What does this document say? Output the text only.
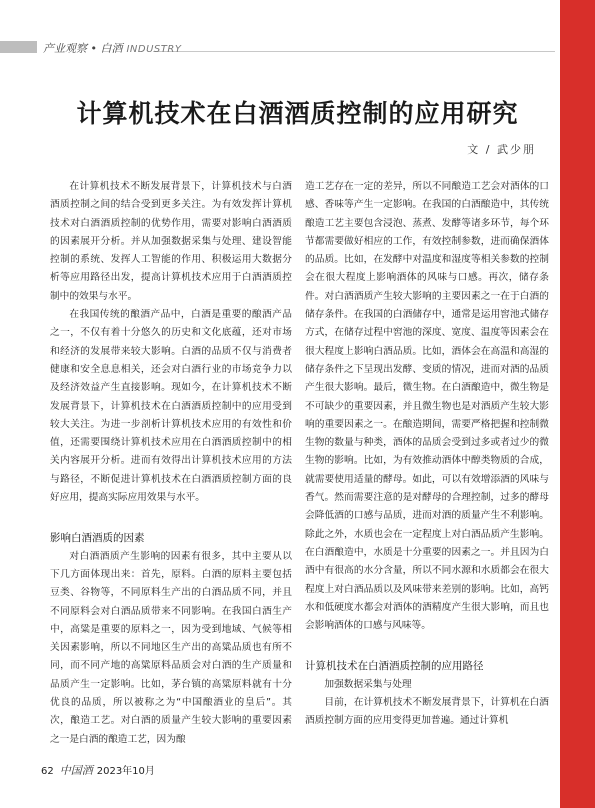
产业观察 • 白酒 INDUSTRY
计算机技术在白酒酒质控制的应用研究
文 / 武少朋

在计算机技术不断发展背景下，计算机技术与白酒酒质控制之间的结合受到更多关注。为有效发挥计算机技术对白酒酒质控制的优势作用，需要对影响白酒酒质的因素展开分析。并从加强数据采集与处理、建设智能控制的系统、发挥人工智能的作用、积极运用大数据分析等应用路径出发，提高计算机技术应用于白酒酒质控制中的效果与水平。

在我国传统的酿酒产品中，白酒是重要的酿酒产品之一，不仅有着十分悠久的历史和文化底蕴，还对市场和经济的发展带来较大影响。白酒的品质不仅与消费者健康和安全息息相关，还会对白酒行业的市场竞争力以及经济效益产生直接影响。现如今，在计算机技术不断发展背景下，计算机技术在白酒酒质控制中的应用受到较大关注。为进一步剖析计算机技术应用的有效性和价值，还需要围绕计算机技术应用在白酒酒质控制中的相关内容展开分析。进而有效得出计算机技术应用的方法与路径，不断促进计算机技术在白酒酒质控制方面的良好应用，提高实际应用效果与水平。

影响白酒酒质的因素

对白酒酒质产生影响的因素有很多，其中主要从以下几方面体现出来：首先，原料。白酒的原料主要包括豆类、谷物等，不同原料生产出的白酒品质不同，并且不同原料会对白酒品质带来不同影响。在我国白酒生产中，高粱是重要的原料之一，因为受到地域、气候等相关因素影响，所以不同地区生产出的高粱品质也有所不同，而不同产地的高粱原料品质会对白酒的生产质量和品质产生一定影响。比如，茅台镇的高粱原料就有十分优良的品质，所以被称之为“中国酿酒业的皇后”。其次，酿造工艺。对白酒的质量产生较大影响的重要因素之一是白酒的酿造工艺，因为酿

造工艺存在一定的差异，所以不同酿造工艺会对酒体的口感、香味等产生一定影响。在我国的白酒酿造中，其传统酿造工艺主要包含浸泡、蒸煮、发酵等诸多环节，每个环节都需要做好相应的工作，有效控制参数，进而确保酒体的品质。比如，在发酵中对温度和湿度等相关参数的控制会在很大程度上影响酒体的风味与口感。再次，储存条件。对白酒酒质产生较大影响的主要因素之一在于白酒的储存条件。在我国的白酒储存中，通常是运用窖池式储存方式，在储存过程中窖池的深度、宽度、温度等因素会在很大程度上影响白酒品质。比如，酒体会在高温和高湿的储存条件之下呈现出发酵、变质的情况，进而对酒的品质产生很大影响。最后，微生物。在白酒酿造中，微生物是不可缺少的重要因素，并且微生物也是对酒质产生较大影响的重要因素之一。在酿造期间，需要严格把握和控制微生物的数量与种类，酒体的品质会受到过多或者过少的微生物的影响。比如，为有效推动酒体中醇类物质的合成，就需要使用适量的酵母。如此，可以有效增添酒的风味与香气。然而需要注意的是对酵母的合理控制，过多的酵母会降低酒的口感与品质，进而对酒的质量产生不利影响。除此之外，水质也会在一定程度上对白酒品质产生影响。在白酒酿造中，水质是十分重要的因素之一。并且因为白酒中有很高的水分含量，所以不同水源和水质都会在很大程度上对白酒品质以及风味带来差别的影响。比如，高钙水和低硬度水都会对酒体的酒精度产生很大影响，而且也会影响酒体的口感与风味等。

计算机技术在白酒酒质控制的应用路径

加强数据采集与处理

目前，在计算机技术不断发展背景下，计算机在白酒酒质控制方面的应用变得更加普遍。通过计算机

62 中国酒 2023年10月
